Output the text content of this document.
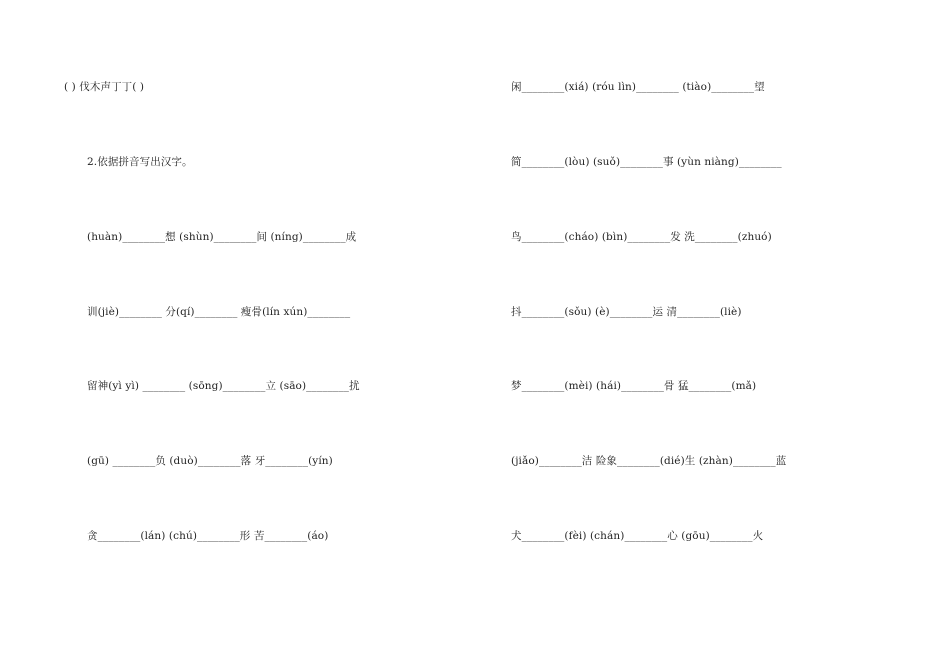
( ) 伐木声丁丁( )
2.依据拼音写出汉字。
(huàn)________想 (shùn)________间 (níng)________成
训(jiè)________ 分(qí)________ 瘦骨(lín xún)________
留神(yì yì) ________ (sōng)________立 (sāo)________扰
(gū) ________负 (duò)________落 牙________(yín)
贪________(lán) (chú)________形 苦________(áo)
闲________(xiá) (róu lìn)________ (tiào)________望
简________(lòu) (suǒ)________事 (yùn niàng)________
鸟________(cháo) (bìn)________发 洗________(zhuó)
抖________(sǒu) (è)________运 清________(liè)
梦________(mèi) (hái)________骨 猛________(mǎ)
(jiǎo)________洁 险象________(dié)生 (zhàn)________蓝
犬________(fèi) (chán)________心 (gōu)________火
